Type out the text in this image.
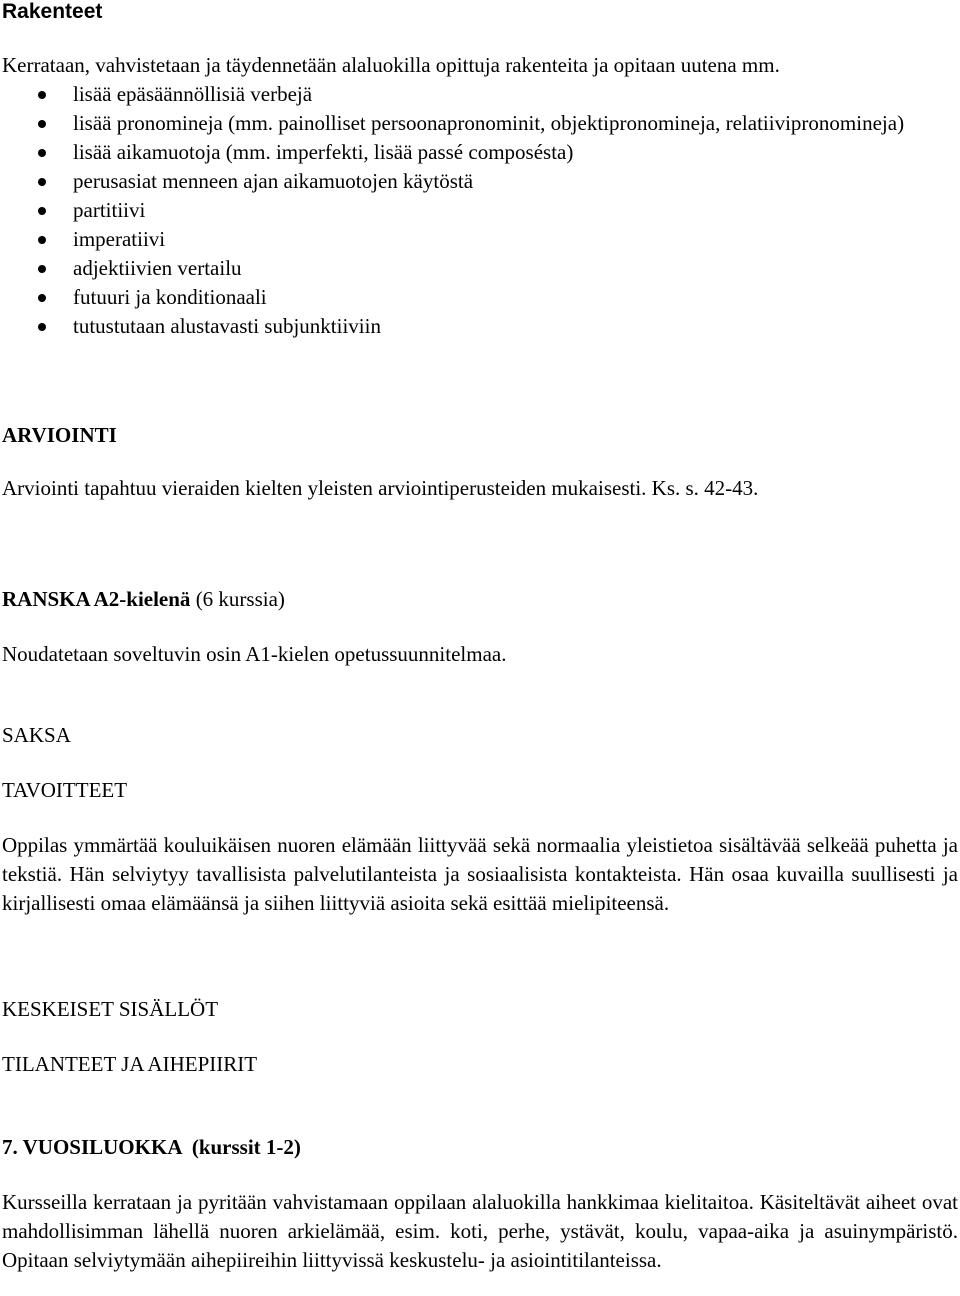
Rakenteet

Kerrataan, vahvistetaan ja täydennetään alaluokilla opittuja rakenteita ja opitaan uutena mm.

lisää epäsäännöllisiä verbejä
lisää pronomineja (mm. painolliset persoonapronominit, objektipronomineja, relatiivipronomineja)
lisää aikamuotoja (mm. imperfekti, lisää passé composésta)
perusasiat menneen ajan aikamuotojen käytöstä
partitiivi
imperatiivi
adjektiivien vertailu
futuuri ja konditionaali
tutustutaan alustavasti subjunktiiviin
ARVIOINTI

Arviointi tapahtuu vieraiden kielten yleisten arviointiperusteiden mukaisesti. Ks. s. 42-43.

RANSKA A2-kielenä (6 kurssia)

Noudatetaan soveltuvin osin A1-kielen opetussuunnitelmaa.

SAKSA
TAVOITTEET

Oppilas ymmärtää kouluikäisen nuoren elämään liittyvää sekä normaalia yleistietoa sisältävää selkeää puhetta ja tekstiä. Hän selviytyy tavallisista palvelutilanteista ja sosiaalisista kontakteista. Hän osaa kuvailla suullisesti ja kirjallisesti omaa elämäänsä ja siihen liittyviä asioita sekä esittää mielipiteensä.

KESKEISET SISÄLLÖT
TILANTEET JA AIHEPIIRIT
7. VUOSILUOKKA  (kurssit 1-2)

Kursseilla kerrataan ja pyritään vahvistamaan oppilaan alaluokilla hankkimaa kielitaitoa. Käsiteltävät aiheet ovat mahdollisimman lähellä nuoren arkielämää, esim. koti, perhe, ystävät, koulu, vapaa-aika ja asuinympäristö. Opitaan selviytymään aihepiireihin liittyvissä keskustelu- ja asiointitilanteissa.
